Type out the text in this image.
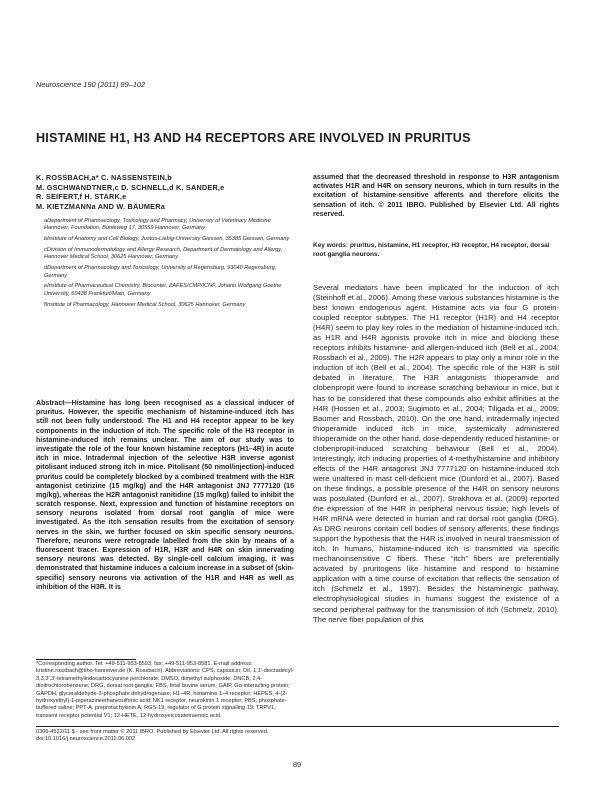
Neuroscience 190 (2011) 89–102
HISTAMINE H1, H3 AND H4 RECEPTORS ARE INVOLVED IN PRURITUS
K. ROSSBACH,a* C. NASSENSTEIN,b
M. GSCHWANDTNER,c D. SCHNELL,d K. SANDER,e
R. SEIFERT,f H. STARK,e
M. KIETZMANNa AND W. BÄUMERa

aDepartment of Pharmacology, Toxicology and Pharmacy, University of Veterinary Medicine Hannover, Foundation, Bünteweg 17, 30559 Hannover, Germany

bInstitute of Anatomy and Cell Biology, Justus-Liebig-University Giessen, 35385 Giessen, Germany

cDivision of Immunodermatology and Allergy Research, Department of Dermatology and Allergy, Hannover Medical School, 30625 Hannover, Germany

dDepartment of Pharmacology and Toxicology, University of Regensburg, 93040 Regensburg, Germany

eInstitute of Pharmaceutical Chemistry, Biocenter, ZAFES/CMP/ICNF, Johann Wolfgang Goethe University, 60438 Frankfurt/Main, Germany

fInstitute of Pharmacology, Hannover Medical School, 30625 Hannover, Germany

Abstract—Histamine has long been recognised as a classical inducer of pruritus. However, the specific mechanism of histamine-induced itch has still not been fully understood. The H1 and H4 receptor appear to be key components in the induction of itch. The specific role of the H3 receptor in histamine-induced itch remains unclear. The aim of our study was to investigate the role of the four known histamine receptors (H1–4R) in acute itch in mice. Intradermal injection of the selective H3R inverse agonist pitolisant induced strong itch in mice. Pitolisant (50 nmol/injection)-induced pruritus could be completely blocked by a combined treatment with the H1R antagonist cetirizine (15 mg/kg) and the H4R antagonist JNJ 7777120 (15 mg/kg), whereas the H2R antagonist ranitidine (15 mg/kg) failed to inhibit the scratch response. Next, expression and function of histamine receptors on sensory neurons isolated from dorsal root ganglia of mice were investigated. As the itch sensation results from the excitation of sensory nerves in the skin, we further focused on skin specific sensory neurons. Therefore, neurons were retrograde labelled from the skin by means of a fluorescent tracer. Expression of H1R, H3R and H4R on skin innervating sensory neurons was detected. By single-cell calcium imaging, it was demonstrated that histamine induces a calcium increase in a subset of (skin-specific) sensory neurons via activation of the H1R and H4R as well as inhibition of the H3R. It is

*Corresponding author. Tel: +49-511-953-8593; fax: +49-511-953-8581. E-mail address: kristine.rossbach@tiho-hannover.de (K. Rossbach). Abbreviations: CPS, capsaicin; DiI, 1,1′-dioctadecyl-3,3,3′,3′-tetramethylindocarbocyanine perchlorate; DMSO, dimethyl sulphoxide; DNCB, 2,4-dinitrochlorobenzene; DRG, dorsal root ganglia; FBS, fetal bovine serum; GAIP, Gα-interacting protein; GAPDH, glyceraldehyde-3-phosphate dehydrogenase; H1–4R, histamine 1–4 receptor; HEPES, 4-(2-hydroxyethyl)-1-piperazineethanesulfonic acid; NK1 receptor, neurokinin 1 receptor; PBS, phosphate-buffered saline; PPT-A, preprotachykinin A; RGS-19, regulator of G protein signalling 19; TRPV1, transient receptor potential V1; 12-HETE, 12-hydroxyeicosatetraenoic acid.

assumed that the decreased threshold in response to H3R antagonism activates H1R and H4R on sensory neurons, which in turn results in the excitation of histamine-sensitive afferents and therefore elicits the sensation of itch. © 2011 IBRO. Published by Elsevier Ltd. All rights reserved.

Key words: pruritus, histamine, H1 receptor, H3 receptor, H4 receptor, dorsal root ganglia neurons.

Several mediators have been implicated for the induction of itch (Steinhoff et al., 2006). Among these various substances histamine is the best known endogenous agent. Histamine acts via four G protein-coupled receptor subtypes. The H1 receptor (H1R) and H4 receptor (H4R) seem to play key roles in the mediation of histamine-induced itch, as H1R and H4R agonists provoke itch in mice and blocking these receptors inhibits histamine- and allergen-induced itch (Bell et al., 2004; Rossbach et al., 2009). The H2R appears to play only a minor role in the induction of itch (Bell et al., 2004). The specific role of the H3R is still debated in literature. The H3R antagonists thioperamide and clobenpropit were found to increase scratching behaviour in mice, but it has to be considered that these compounds also exhibit affinities at the H4R (Hossen et al., 2003; Sugimoto et al., 2004; Tiligada et al., 2009; Baumer and Rossbach, 2010). On the one hand, intradermally injected thioperamide induced itch in mice, systemically administered thioperamide on the other hand, dose-dependently reduced histamine- or clobenpropit-induced scratching behaviour (Bell et al., 2004). Interestingly, itch inducing properties of 4-methylhistamine and inhibitory effects of the H4R antagonist JNJ 7777120 on histamine-induced itch were unaltered in mast cell-deficient mice (Dunford et al., 2007). Based on these findings, a possible presence of the H4R on sensory neurons was postulated (Dunford et al., 2007). Strakhova et al. (2009) reported the expression of the H4R in peripheral nervous tissue; high levels of H4R mRNA were detected in human and rat dorsal root ganglia (DRG). As DRG neurons contain cell bodies of sensory afferents, these findings support the hypothesis that the H4R is involved in neural transmission of itch. In humans, histamine-induced itch is transmitted via specific mechanoinsensitive C fibers. These “itch” fibers are preferentially activated by pruritogens like histamine and respond to histamine application with a time course of excitation that reflects the sensation of itch (Schmelz et al., 1997). Besides the histaminergic pathway, electrophysiological studies in humans suggest the existence of a second peripheral pathway for the transmission of itch (Schmelz, 2010). The nerve fiber population of this

0306-4522/11 $ - see front matter © 2011 IBRO. Published by Elsevier Ltd. All rights reserved.

doi:10.1016/j.neuroscience.2011.06.002

89
